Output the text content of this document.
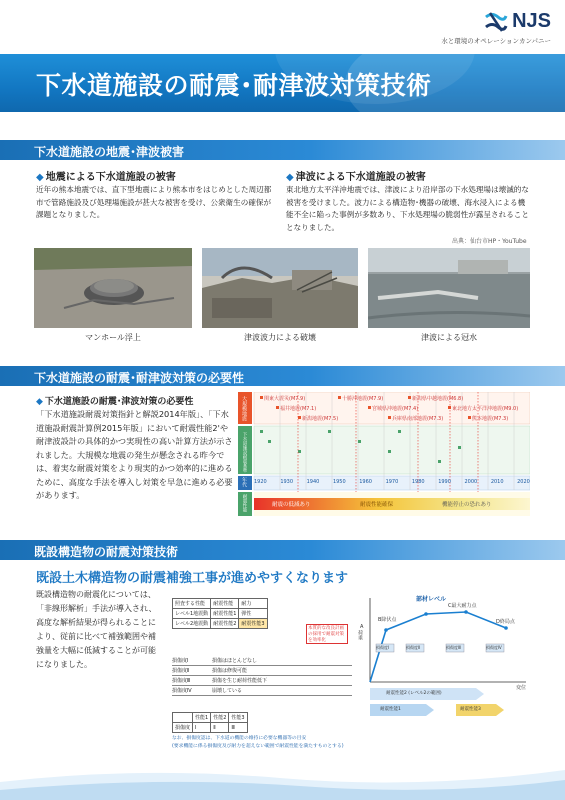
NJS
水と環境のオペレーションカンパニー
下水道施設の耐震･耐津波対策技術
下水道施設の地震･津波被害
◆ 地震による下水道施設の被害
近年の熊本地震では、直下型地震により熊本市をはじめとした周辺都市で管路施設及び処理場施設が甚大な被害を受け、公衆衛生の確保が課題となりました。
◆ 津波による下水道施設の被害
東北地方太平洋沖地震では、津波により沿岸部の下水処理場は壊滅的な被害を受けました。波力による構造物･機器の破壊、海水浸入による機能不全に陥った事例が多数あり、下水処理場の脆弱性が露呈されることとなりました。
出典：仙台市HP・YouTube
マンホール浮上	津波波力による破壊	津波による冠水
下水道施設の耐震･耐津波対策の必要性
◆ 下水道施設の耐震･津波対策の必要性
「下水道施設耐震対策指針と解説2014年版」、「下水道施設耐震計算例2015年版」において耐震性能2'や耐津波設計の具体的かつ実現性の高い計算方法が示されました。大規模な地震の発生が懸念される昨今では、着実な耐震対策をより現実的かつ効率的に進めるために、高度な手法を導入し対策を早急に進める必要があります。
大規模地震
下水道施設耐震基準
年代
耐震性能
関東大震災(M7.9)	十勝沖地震(M7.9)	新潟県中越地震(M6.8)
福井地震(M7.1)	宮城県沖地震(M7.4)	東北地方太平洋沖地震(M9.0)
新潟地震(M7.5)	兵庫県南部地震(M7.3)	熊本地震(M7.3)
1920	1930	1940	1950	1960	1970	1980	1990	2000	2010	2020
耐震の低減あり	耐震性能確保	機能停止の恐れあり
既設構造物の耐震対策技術
既設土木構造物の耐震補強工事が進めやすくなります
既設構造物の耐震化については、「非線形解析」手法が導入され、高度な解析結果が得られることにより、従前に比べて補強範囲や補強量を大幅に低減することが可能になりました。
照査する性能	耐震性能	耐力
レベル1地震動	耐震性能1	弾性
レベル2地震動	耐震性能2	耐震性能3
本質的な改良計画の採用で耐震対策を効率化
損傷度Ⅰ	損傷はほとんどなし
損傷度Ⅱ	損傷は修復可能
損傷度Ⅲ	損傷を生じ耐荷性能低下
損傷度Ⅳ	崩壊している
	性能1	性能2	性能3
損傷度	Ⅰ	Ⅱ	Ⅲ
部材レベル
A
B降伏点
C最大耐力点
D終局点
荷重
変位
損傷度Ⅰ	損傷度Ⅱ	損傷度Ⅲ	損傷度Ⅳ
耐震性能2 (レベル2の範囲)
耐震性能1	耐震性能3
なお、損傷度認は、下水道の機能の維持に必要な機器等の目安
(要求機能に係る損傷度及び耐力を超えない範囲で耐震性能を満たすものとする)
